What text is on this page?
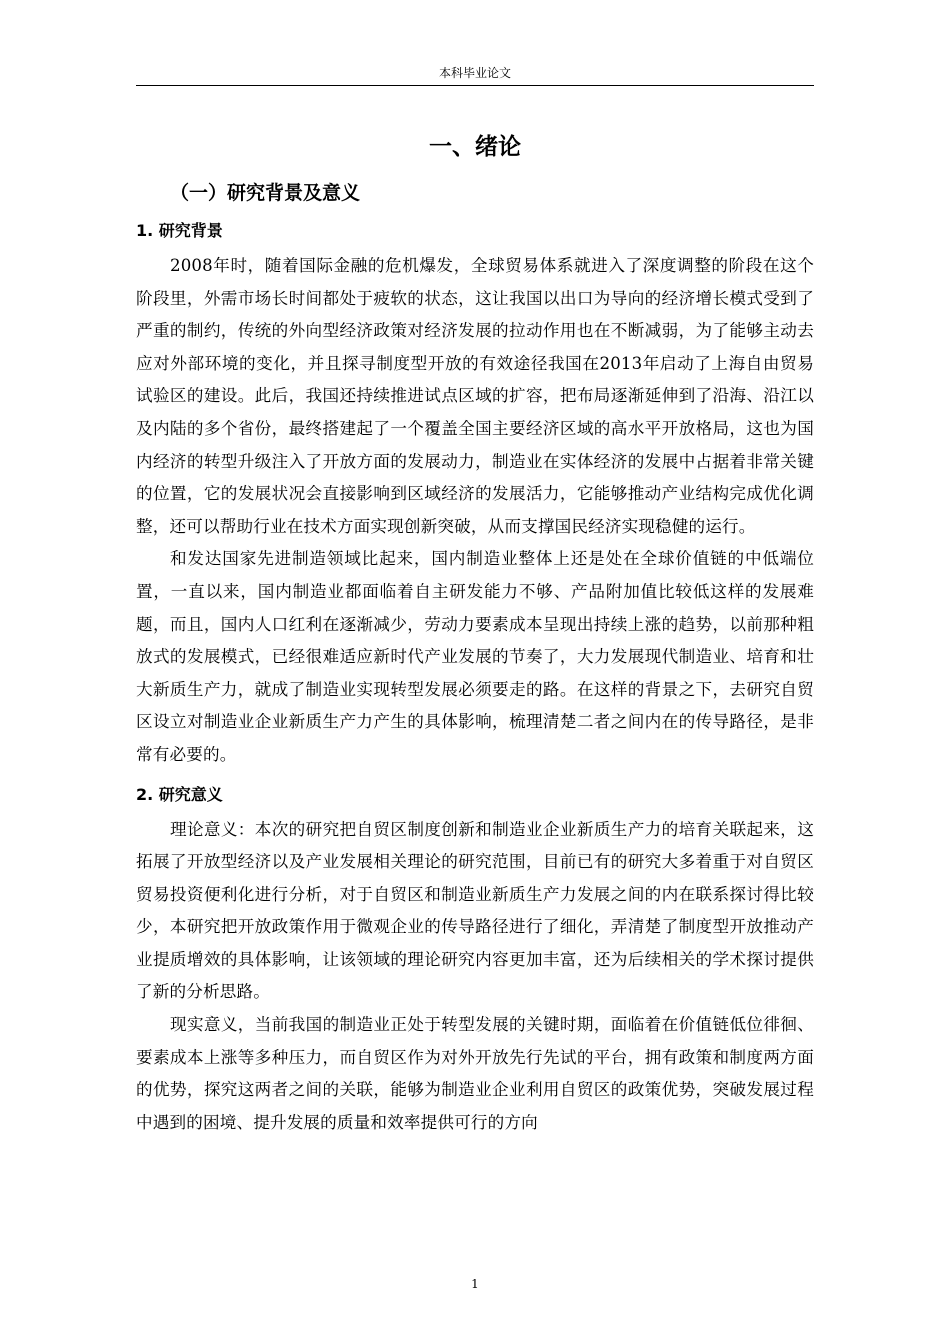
本科毕业论文
一、绪论
（一）研究背景及意义
1. 研究背景

2008年时，随着国际金融的危机爆发，全球贸易体系就进入了深度调整的阶段在这个阶段里，外需市场长时间都处于疲软的状态，这让我国以出口为导向的经济增长模式受到了严重的制约，传统的外向型经济政策对经济发展的拉动作用也在不断减弱，为了能够主动去应对外部环境的变化，并且探寻制度型开放的有效途径我国在2013年启动了上海自由贸易试验区的建设。此后，我国还持续推进试点区域的扩容，把布局逐渐延伸到了沿海、沿江以及内陆的多个省份，最终搭建起了一个覆盖全国主要经济区域的高水平开放格局，这也为国内经济的转型升级注入了开放方面的发展动力，制造业在实体经济的发展中占据着非常关键的位置，它的发展状况会直接影响到区域经济的发展活力，它能够推动产业结构完成优化调整，还可以帮助行业在技术方面实现创新突破，从而支撑国民经济实现稳健的运行。

和发达国家先进制造领域比起来，国内制造业整体上还是处在全球价值链的中低端位置，一直以来，国内制造业都面临着自主研发能力不够、产品附加值比较低这样的发展难题，而且，国内人口红利在逐渐减少，劳动力要素成本呈现出持续上涨的趋势，以前那种粗放式的发展模式，已经很难适应新时代产业发展的节奏了，大力发展现代制造业、培育和壮大新质生产力，就成了制造业实现转型发展必须要走的路。在这样的背景之下，去研究自贸区设立对制造业企业新质生产力产生的具体影响，梳理清楚二者之间内在的传导路径，是非常有必要的。

2. 研究意义

理论意义：本次的研究把自贸区制度创新和制造业企业新质生产力的培育关联起来，这拓展了开放型经济以及产业发展相关理论的研究范围，目前已有的研究大多着重于对自贸区贸易投资便利化进行分析，对于自贸区和制造业新质生产力发展之间的内在联系探讨得比较少，本研究把开放政策作用于微观企业的传导路径进行了细化，弄清楚了制度型开放推动产业提质增效的具体影响，让该领域的理论研究内容更加丰富，还为后续相关的学术探讨提供了新的分析思路。

现实意义，当前我国的制造业正处于转型发展的关键时期，面临着在价值链低位徘徊、要素成本上涨等多种压力，而自贸区作为对外开放先行先试的平台，拥有政策和制度两方面的优势，探究这两者之间的关联，能够为制造业企业利用自贸区的政策优势，突破发展过程中遇到的困境、提升发展的质量和效率提供可行的方向

1
